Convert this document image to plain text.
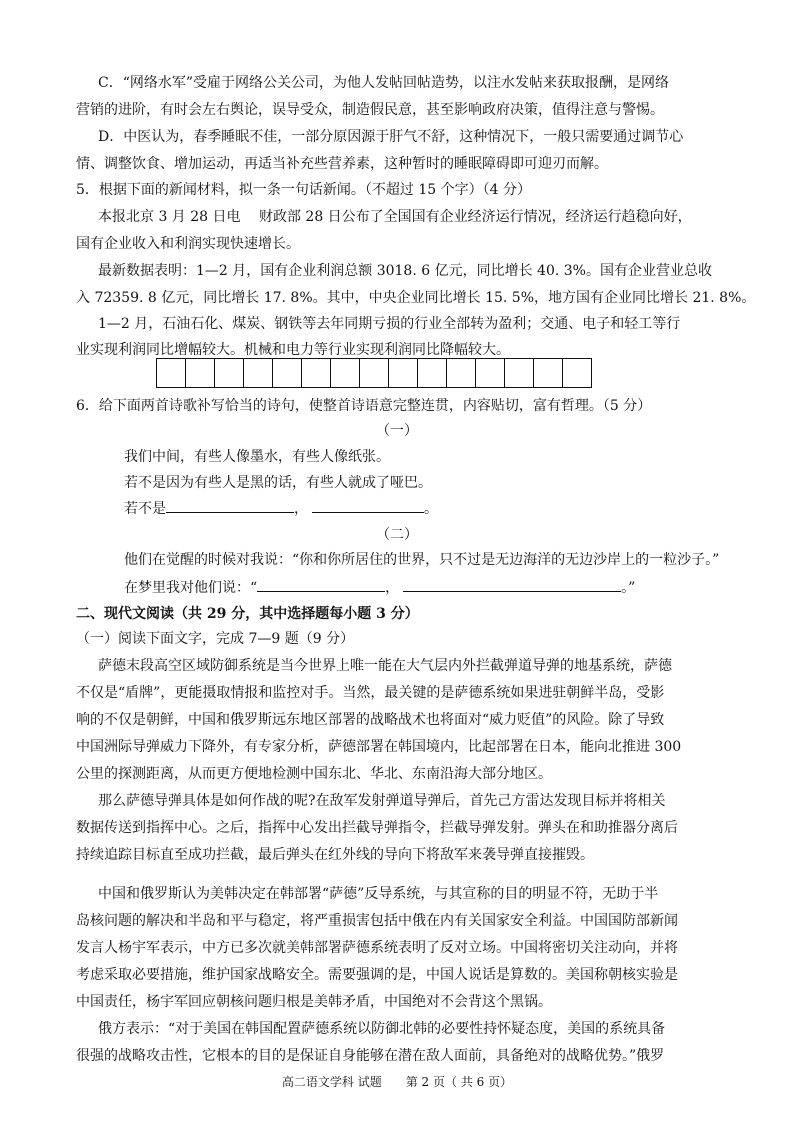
C．“网络水军”受雇于网络公关公司，为他人发帖回帖造势，以注水发帖来获取报酬，是网络
营销的进阶，有时会左右舆论，误导受众，制造假民意，甚至影响政府决策，值得注意与警惕。
D．中医认为，春季睡眠不佳，一部分原因源于肝气不舒，这种情况下，一般只需要通过调节心
情、调整饮食、增加运动，再适当补充些营养素，这种暂时的睡眠障碍即可迎刃而解。
5．根据下面的新闻材料，拟一条一句话新闻。（不超过 15 个字）（4 分）
本报北京 3 月 28 日电　 财政部 28 日公布了全国国有企业经济运行情况，经济运行趋稳向好，
国有企业收入和利润实现快速增长。
最新数据表明：1—2 月，国有企业利润总额 3018. 6 亿元，同比增长 40. 3%。国有企业营业总收
入 72359. 8 亿元，同比增长 17. 8%。其中，中央企业同比增长 15. 5%，地方国有企业同比增长 21. 8%。
1—2 月，石油石化、煤炭、钢铁等去年同期亏损的行业全部转为盈利；交通、电子和轻工等行
业实现利润同比增幅较大。机械和电力等行业实现利润同比降幅较大。
6．给下面两首诗歌补写恰当的诗句，使整首诗语意完整连贯，内容贴切，富有哲理。（5 分）
（一）
我们中间，有些人像墨水，有些人像纸张。
若不是因为有些人是黑的话，有些人就成了哑巴。
若不是	，	。
（二）
他们在觉醒的时候对我说：“你和你所居住的世界，只不过是无边海洋的无边沙岸上的一粒沙子。”
在梦里我对他们说：“	，	。”
二、现代文阅读（共 29 分，其中选择题每小题 3 分）
（一）阅读下面文字，完成 7—9 题（9 分）
萨德末段高空区域防御系统是当今世界上唯一能在大气层内外拦截弹道导弹的地基系统，萨德
不仅是“盾牌”，更能摄取情报和监控对手。当然，最关键的是萨德系统如果进驻朝鲜半岛，受影
响的不仅是朝鲜，中国和俄罗斯远东地区部署的战略战术也将面对“威力贬值”的风险。除了导致
中国洲际导弹威力下降外，有专家分析，萨德部署在韩国境内，比起部署在日本，能向北推进 300
公里的探测距离，从而更方便地检测中国东北、华北、东南沿海大部分地区。
那么萨德导弹具体是如何作战的呢?在敌军发射弹道导弹后，首先己方雷达发现目标并将相关
数据传送到指挥中心。之后，指挥中心发出拦截导弹指令，拦截导弹发射。弹头在和助推器分离后
持续追踪目标直至成功拦截，最后弹头在红外线的导向下将敌军来袭导弹直接摧毁。
中国和俄罗斯认为美韩决定在韩部署“萨德”反导系统，与其宣称的目的明显不符，无助于半
岛核问题的解决和半岛和平与稳定，将严重损害包括中俄在内有关国家安全利益。中国国防部新闻
发言人杨宇军表示，中方已多次就美韩部署萨德系统表明了反对立场。中国将密切关注动向，并将
考虑采取必要措施，维护国家战略安全。需要强调的是，中国人说话是算数的。美国称朝核实验是
中国责任，杨宇军回应朝核问题归根是美韩矛盾，中国绝对不会背这个黑锅。
俄方表示：“对于美国在韩国配置萨德系统以防御北韩的必要性持怀疑态度，美国的系统具备
很强的战略攻击性，它根本的目的是保证自身能够在潜在敌人面前，具备绝对的战略优势。”俄罗
高二语文学科 试题 第 2 页（ 共 6 页）
